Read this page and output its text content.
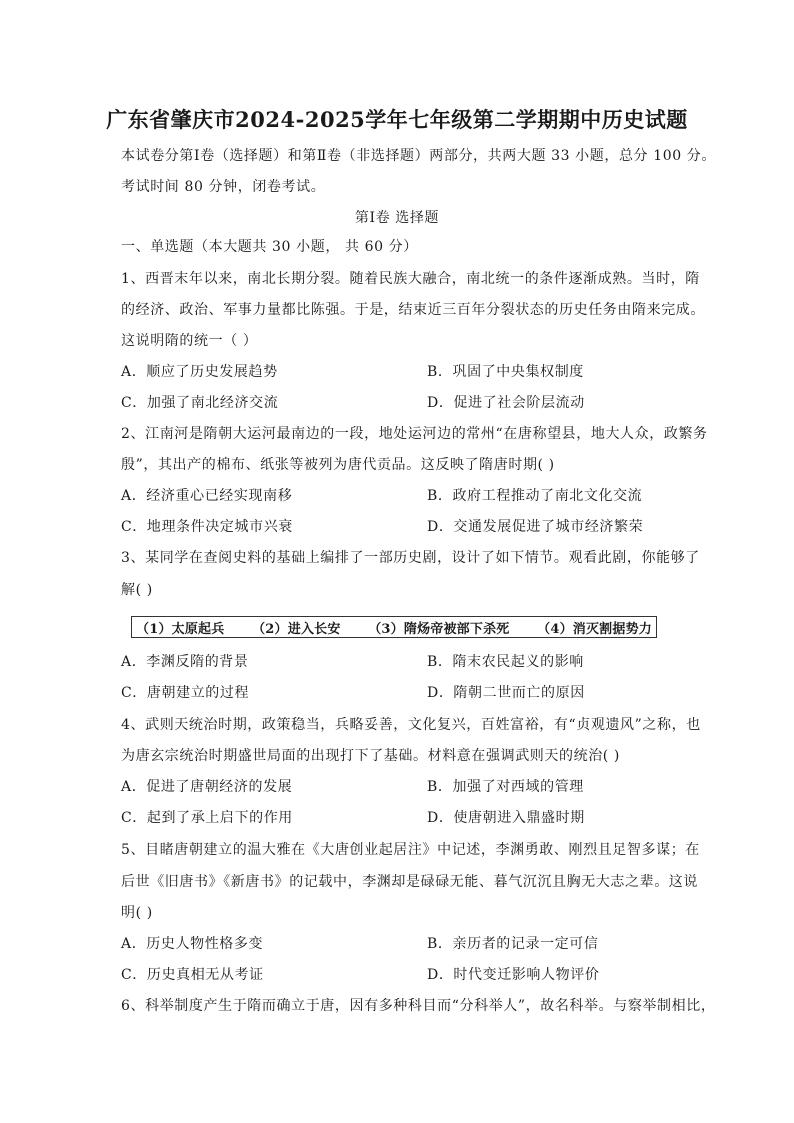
广东省肇庆市2024-2025学年七年级第二学期期中历史试题
本试卷分第Ⅰ卷（选择题）和第Ⅱ卷（非选择题）两部分，共两大题 33 小题，总分 100 分。
考试时间 80 分钟，闭卷考试。
第Ⅰ卷 选择题
一、单选题（本大题共 30 小题， 共 60 分）
1、西晋末年以来，南北长期分裂。随着民族大融合，南北统一的条件逐渐成熟。当时，隋
的经济、政治、军事力量都比陈强。于是，结束近三百年分裂状态的历史任务由隋来完成。
这说明隋的统一（ ）
A．顺应了历史发展趋势	B．巩固了中央集权制度
C．加强了南北经济交流	D．促进了社会阶层流动
2、江南河是隋朝大运河最南边的一段，地处运河边的常州“在唐称望县，地大人众，政繁务
殷”，其出产的棉布、纸张等被列为唐代贡品。这反映了隋唐时期( )
A．经济重心已经实现南移	B．政府工程推动了南北文化交流
C．地理条件决定城市兴衰	D．交通发展促进了城市经济繁荣
3、某同学在查阅史料的基础上编排了一部历史剧，设计了如下情节。观看此剧，你能够了
解( )
（1）太原起兵 （2）进入长安 （3）隋炀帝被部下杀死 （4）消灭割据势力
A．李渊反隋的背景	B．隋末农民起义的影响
C．唐朝建立的过程	D．隋朝二世而亡的原因
4、武则天统治时期，政策稳当，兵略妥善，文化复兴，百姓富裕，有“贞观遗风”之称，也
为唐玄宗统治时期盛世局面的出现打下了基础。材料意在强调武则天的统治( )
A．促进了唐朝经济的发展	B．加强了对西域的管理
C．起到了承上启下的作用	D．使唐朝进入鼎盛时期
5、目睹唐朝建立的温大雅在《大唐创业起居注》中记述，李渊勇敢、刚烈且足智多谋；在
后世《旧唐书》《新唐书》的记载中，李渊却是碌碌无能、暮气沉沉且胸无大志之辈。这说
明( )
A．历史人物性格多变	B．亲历者的记录一定可信
C．历史真相无从考证	D．时代变迁影响人物评价
6、科举制度产生于隋而确立于唐，因有多种科目而“分科举人”，故名科举。与察举制相比，
